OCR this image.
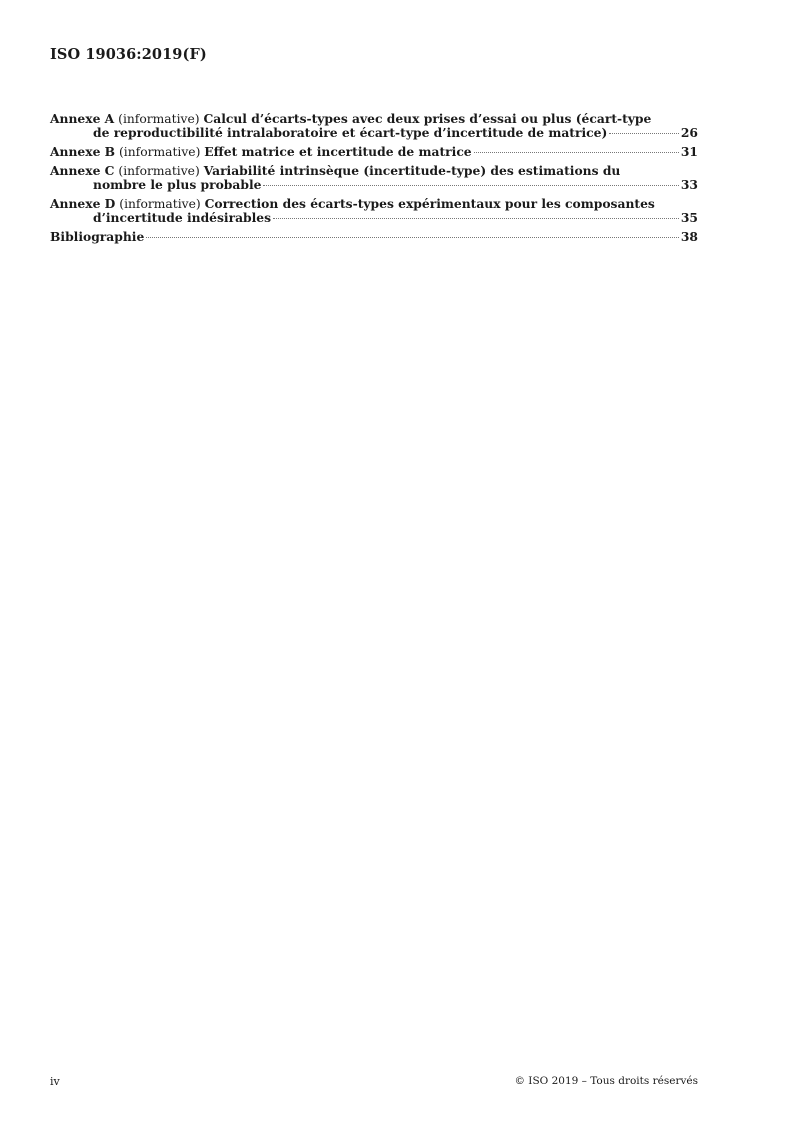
ISO 19036:2019(F)
Annexe A (informative) Calcul d’écarts-types avec deux prises d’essai ou plus (écart-type
de reproductibilité intralaboratoire et écart-type d’incertitude de matrice)	26
Annexe B (informative) Effet matrice et incertitude de matrice	31
Annexe C (informative) Variabilité intrinsèque (incertitude-type) des estimations du
nombre le plus probable	33
Annexe D (informative) Correction des écarts-types expérimentaux pour les composantes
d’incertitude indésirables	35
Bibliographie	38
iv	© ISO 2019 – Tous droits réservés
